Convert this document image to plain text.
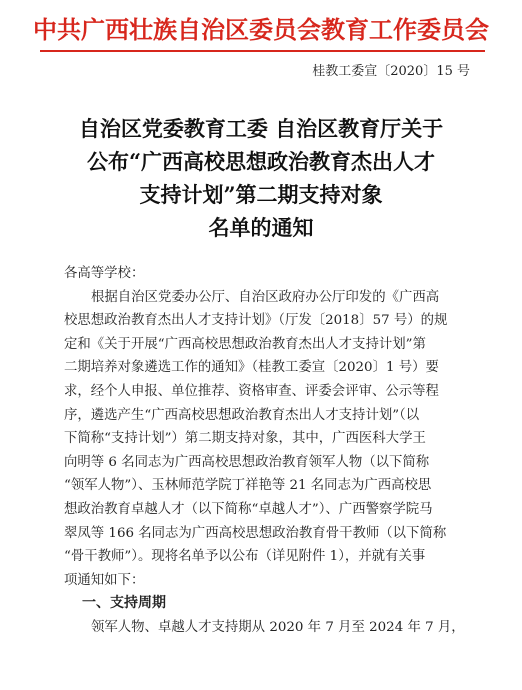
中共广西壮族自治区委员会教育工作委员会
桂教工委宣〔2020〕15 号
自治区党委教育工委 自治区教育厅关于
公布“广西高校思想政治教育杰出人才
支持计划”第二期支持对象
名单的通知

各高等学校：

根据自治区党委办公厅、自治区政府办公厅印发的《广西高
校思想政治教育杰出人才支持计划》（厅发〔2018〕57 号）的规
定和《关于开展“广西高校思想政治教育杰出人才支持计划”第
二期培养对象遴选工作的通知》（桂教工委宣〔2020〕1 号）要
求，经个人申报、单位推荐、资格审查、评委会评审、公示等程
序，遴选产生“广西高校思想政治教育杰出人才支持计划”（以
下简称“支持计划”）第二期支持对象，其中，广西医科大学王
向明等 6 名同志为广西高校思想政治教育领军人物（以下简称
“领军人物”）、玉林师范学院丁祥艳等 21 名同志为广西高校思
想政治教育卓越人才（以下简称“卓越人才”）、广西警察学院马
翠凤等 166 名同志为广西高校思想政治教育骨干教师（以下简称
“骨干教师”）。现将名单予以公布（详见附件 1），并就有关事
项通知如下：

一、支持周期

领军人物、卓越人才支持期从 2020 年 7 月至 2024 年 7 月，
